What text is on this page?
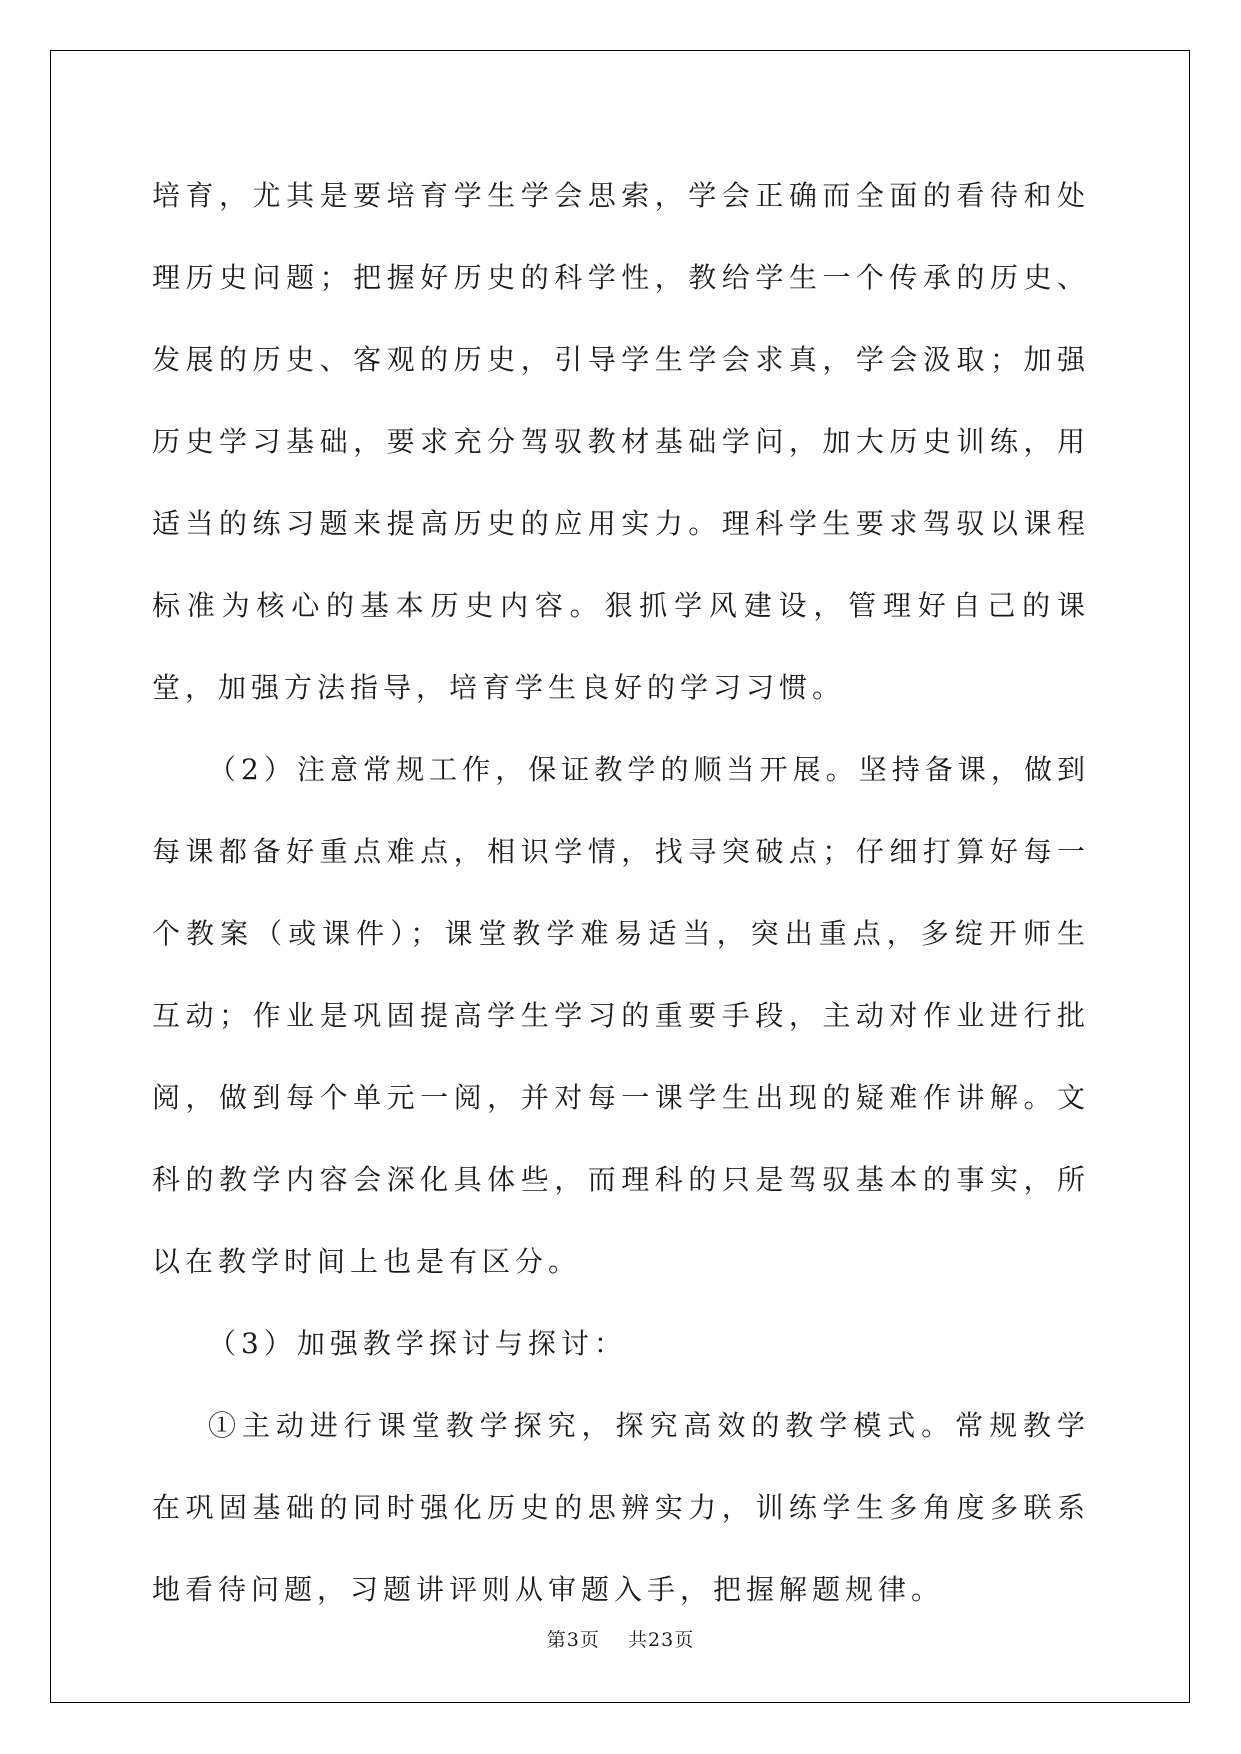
培育，尤其是要培育学生学会思索，学会正确而全面的看待和处理历史问题；把握好历史的科学性，教给学生一个传承的历史、发展的历史、客观的历史，引导学生学会求真，学会汲取；加强历史学习基础，要求充分驾驭教材基础学问，加大历史训练，用适当的练习题来提高历史的应用实力。理科学生要求驾驭以课程标准为核心的基本历史内容。狠抓学风建设，管理好自己的课堂，加强方法指导，培育学生良好的学习习惯。

（2）注意常规工作，保证教学的顺当开展。坚持备课，做到每课都备好重点难点，相识学情，找寻突破点；仔细打算好每一个教案（或课件）；课堂教学难易适当，突出重点，多绽开师生互动；作业是巩固提高学生学习的重要手段，主动对作业进行批阅，做到每个单元一阅，并对每一课学生出现的疑难作讲解。文科的教学内容会深化具体些，而理科的只是驾驭基本的事实，所以在教学时间上也是有区分。

（3）加强教学探讨与探讨：

①主动进行课堂教学探究，探究高效的教学模式。常规教学在巩固基础的同时强化历史的思辨实力，训练学生多角度多联系地看待问题，习题讲评则从审题入手，把握解题规律。

第3页 共23页
